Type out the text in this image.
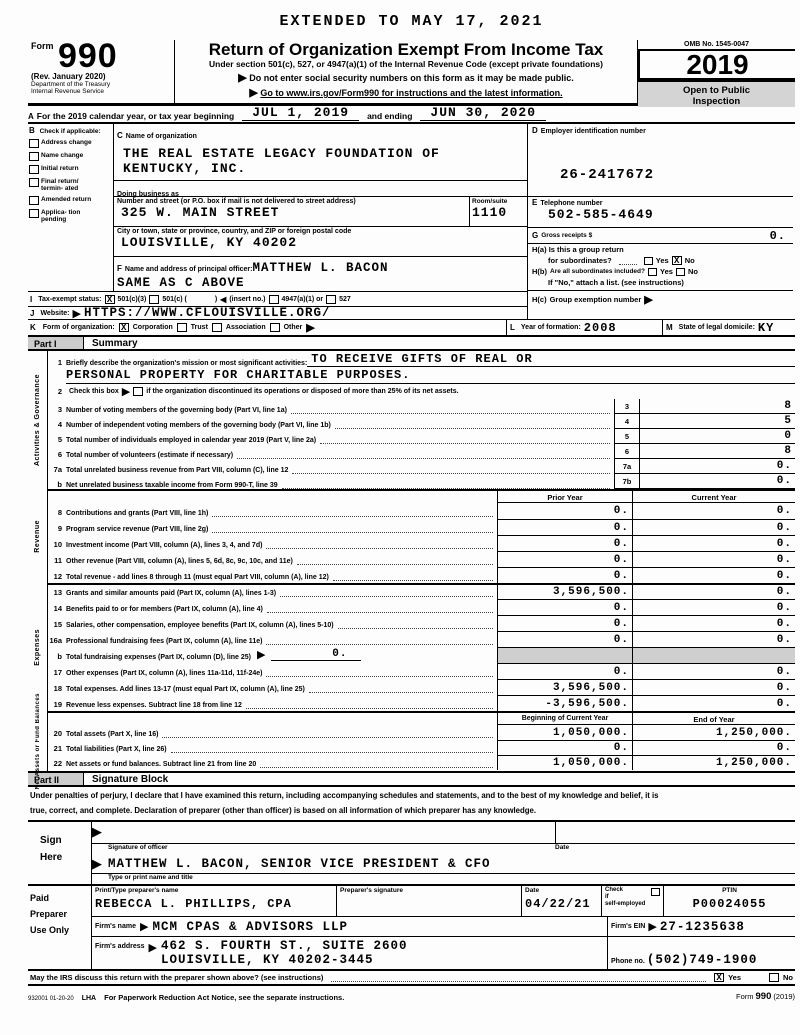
EXTENDED TO MAY 17, 2021
$^{Form}$ 990
(Rev. January 2020)
Department of the Treasury
Internal Revenue Service
Return of Organization Exempt From Income Tax
Under section 501(c), 527, or 4947(a)(1) of the Internal Revenue Code (except private foundations)
▶ Do not enter social security numbers on this form as it may be made public.
▶ Go to www.irs.gov/Form990 for instructions and the latest information.
OMB No. 1545-0047
2019
Open to Public
Inspection
A For the 2019 calendar year, or tax year beginning	JUL 1, 2019	and ending	JUN 30, 2020
B Check if applicable:
Address change
Name change
Initial return
Final return/ termin- ated
Amended return
Applica- tion pending
C Name of organization
THE REAL ESTATE LEGACY FOUNDATION OF
KENTUCKY, INC.
Doing business as
Number and street (or P.O. box if mail is not delivered to street address)
325 W. MAIN STREET
Room/suite
1110
City or town, state or province, country, and ZIP or foreign postal code
LOUISVILLE, KY 40202
F Name and address of principal officer:MATTHEW L. BACON
SAME AS C ABOVE
I Tax-exempt status: X 501(c)(3) 501(c) (	) ◀ (insert no.) 4947(a)(1) or 527
J Website: ▶ HTTPS://WWW.CFLOUISVILLE.ORG/
D Employer identification number
26-2417672
E Telephone number
502-585-4649
G Gross receipts $	0.
H(a) Is this a group return
for subordinates?	Yes X No
H(b) Are all subordinates included? Yes No
If "No," attach a list. (see instructions)
H(c) Group exemption number ▶
K Form of organization: X Corporation	Trust	Association	Other ▶	L Year of formation: 2008	M State of legal domicile: KY
Part I	Summary
Activities & Governance
Revenue
Expenses
Net Assets or Fund Balances
1 Briefly describe the organization's mission or most significant activities: TO RECEIVE GIFTS OF REAL OR
PERSONAL PROPERTY FOR CHARITABLE PURPOSES.
2	Check this box ▶ if the organization discontinued its operations or disposed of more than 25% of its net assets.
3 Number of voting members of the governing body (Part VI, line 1a)	3	8
4 Number of independent voting members of the governing body (Part VI, line 1b)	4	5
5 Total number of individuals employed in calendar year 2019 (Part V, line 2a)	5	0
6 Total number of volunteers (estimate if necessary)	6	8
7a Total unrelated business revenue from Part VIII, column (C), line 12	7a	0.
b Net unrelated business taxable income from Form 990-T, line 39	7b	0.
Prior Year	Current Year
8 Contributions and grants (Part VIII, line 1h)	0.	0.
9 Program service revenue (Part VIII, line 2g)	0.	0.
10 Investment income (Part VIII, column (A), lines 3, 4, and 7d)	0.	0.
11 Other revenue (Part VIII, column (A), lines 5, 6d, 8c, 9c, 10c, and 11e)	0.	0.
12 Total revenue - add lines 8 through 11 (must equal Part VIII, column (A), line 12)	0.	0.
13 Grants and similar amounts paid (Part IX, column (A), lines 1-3)	3,596,500.	0.
14 Benefits paid to or for members (Part IX, column (A), line 4)	0.	0.
15 Salaries, other compensation, employee benefits (Part IX, column (A), lines 5-10)	0.	0.
16a Professional fundraising fees (Part IX, column (A), line 11e)	0.	0.
b Total fundraising expenses (Part IX, column (D), line 25) ▶	0.
17 Other expenses (Part IX, column (A), lines 11a-11d, 11f-24e)	0.	0.
18 Total expenses. Add lines 13-17 (must equal Part IX, column (A), line 25)	3,596,500.	0.
19 Revenue less expenses. Subtract line 18 from line 12	-3,596,500.	0.
Beginning of Current Year	End of Year
20 Total assets (Part X, line 16)	1,050,000.	1,250,000.
21 Total liabilities (Part X, line 26)	0.	0.
22 Net assets or fund balances. Subtract line 21 from line 20	1,050,000.	1,250,000.
Part II	Signature Block
Under penalties of perjury, I declare that I have examined this return, including accompanying schedules and statements, and to the best of my knowledge and belief, it is
true, correct, and complete. Declaration of preparer (other than officer) is based on all information of which preparer has any knowledge.
Sign
Here
▶
Signature of officer	Date
▶ MATTHEW L. BACON, SENIOR VICE PRESIDENT & CFO
Type or print name and title
Paid
Preparer
Use Only
Print/Type preparer's name
REBECCA L. PHILLIPS, CPA
Preparer's signature	Date
04/22/21
Check
if
self-employed
PTIN
P00024055
Firm's name ▶ MCM CPAS & ADVISORS LLP	Firm's EIN ▶ 27-1235638
Firm's address ▶ 462 S. FOURTH ST., SUITE 2600
LOUISVILLE, KY 40202-3445	Phone no. (502)749-1900
May the IRS discuss this return with the preparer shown above? (see instructions)	X Yes	No
932001 01-20-20 LHA For Paperwork Reduction Act Notice, see the separate instructions.	Form 990 (2019)
